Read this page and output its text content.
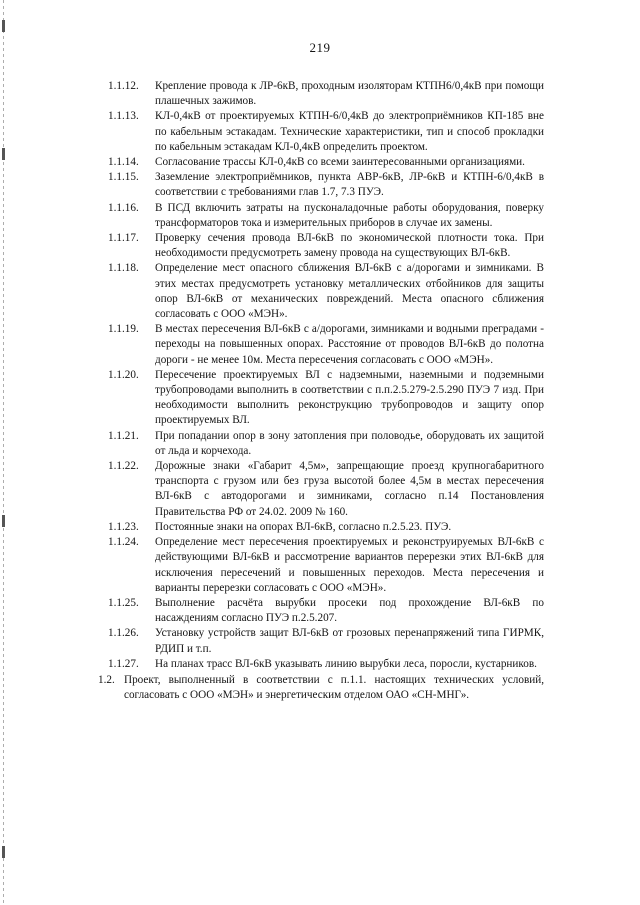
219
1.1.12.	Крепление провода к ЛР-6кВ, проходным изоляторам КТПН6/0,4кВ при помощи плашечных зажимов.
1.1.13.	КЛ-0,4кВ от проектируемых КТПН-6/0,4кВ до электроприёмников КП-185 вне по кабельным эстакадам. Технические характеристики, тип и способ прокладки по кабельным эстакадам КЛ-0,4кВ определить проектом.
1.1.14.	Согласование трассы КЛ-0,4кВ со всеми заинтересованными организациями.
1.1.15.	Заземление электроприёмников, пункта АВР-6кВ, ЛР-6кВ и КТПН-6/0,4кВ в соответствии с требованиями глав 1.7, 7.3 ПУЭ.
1.1.16.	В ПСД включить затраты на пусконаладочные работы оборудования, поверку трансформаторов тока и измерительных приборов в случае их замены.
1.1.17.	Проверку сечения провода ВЛ-6кВ по экономической плотности тока. При необходимости предусмотреть замену провода на существующих ВЛ-6кВ.
1.1.18.	Определение мест опасного сближения ВЛ-6кВ с а/дорогами и зимниками. В этих местах предусмотреть установку металлических отбойников для защиты опор ВЛ-6кВ от механических повреждений. Места опасного сближения согласовать с ООО «МЭН».
1.1.19.	В местах пересечения ВЛ-6кВ с а/дорогами, зимниками и водными преградами - переходы на повышенных опорах. Расстояние от проводов ВЛ-6кВ до полотна дороги - не менее 10м. Места пересечения согласовать с ООО «МЭН».
1.1.20.	Пересечение проектируемых ВЛ с надземными, наземными и подземными трубопроводами выполнить в соответствии с п.п.2.5.279-2.5.290 ПУЭ 7 изд. При необходимости выполнить реконструкцию трубопроводов и защиту опор проектируемых ВЛ.
1.1.21.	При попадании опор в зону затопления при половодье, оборудовать их защитой от льда и корчехода.
1.1.22.	Дорожные знаки «Габарит 4,5м», запрещающие проезд крупногабаритного транспорта с грузом или без груза высотой более 4,5м в местах пересечения ВЛ-6кВ с автодорогами и зимниками, согласно п.14 Постановления Правительства РФ от 24.02. 2009 № 160.
1.1.23.	Постоянные знаки на опорах ВЛ-6кВ, согласно п.2.5.23. ПУЭ.
1.1.24.	Определение мест пересечения проектируемых и реконструируемых ВЛ-6кВ с действующими ВЛ-6кВ и рассмотрение вариантов перерезки этих ВЛ-6кВ для исключения пересечений и повышенных переходов. Места пересечения и варианты перерезки согласовать с ООО «МЭН».
1.1.25.	Выполнение расчёта вырубки просеки под прохождение ВЛ-6кВ по насаждениям согласно ПУЭ п.2.5.207.
1.1.26.	Установку устройств защит ВЛ-6кВ от грозовых перенапряжений типа ГИРМК, РДИП и т.п.
1.1.27.	На планах трасс ВЛ-6кВ указывать линию вырубки леса, поросли, кустарников.
1.2. Проект, выполненный в соответствии с п.1.1. настоящих технических условий, согласовать с ООО «МЭН» и энергетическим отделом ОАО «СН-МНГ».
